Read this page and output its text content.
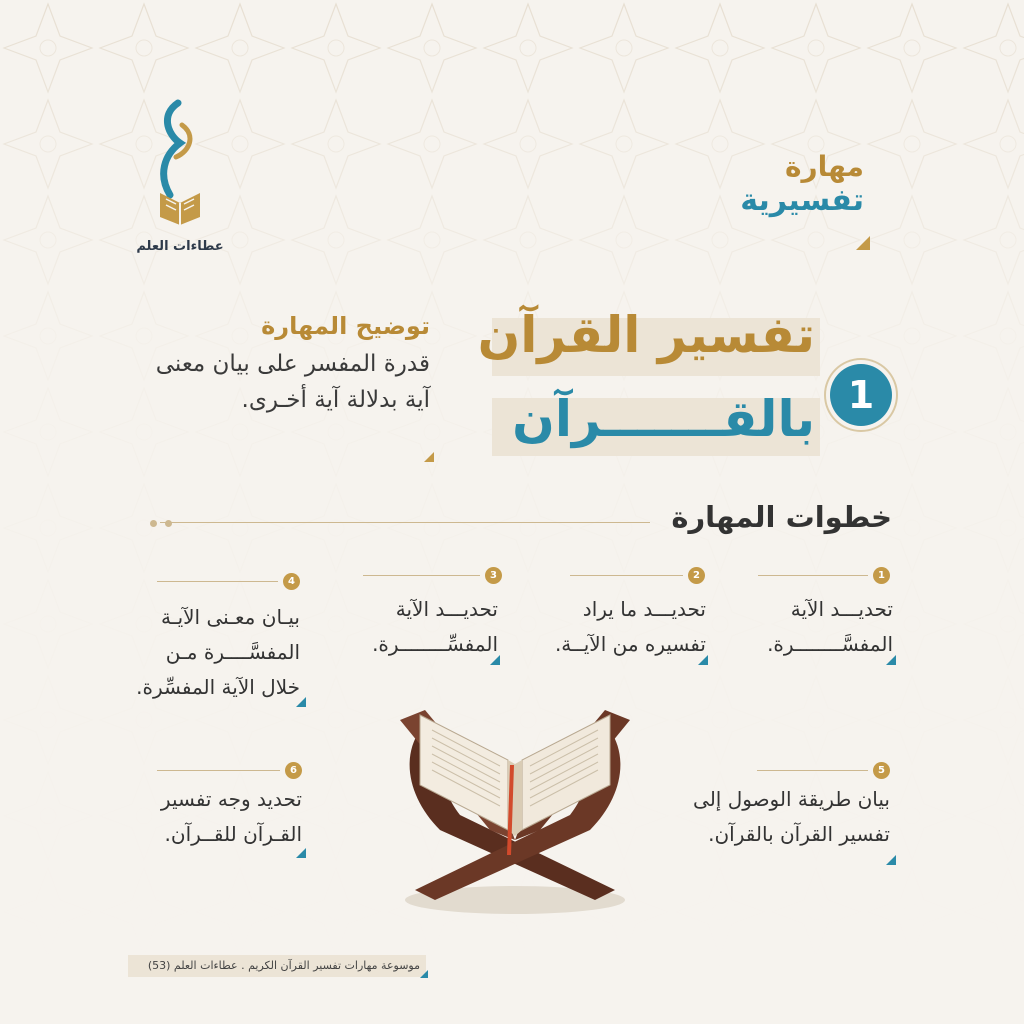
عطاءات العلم
مهارة
تفسيرية
تفسير القرآن
بالقـــــــرآن 1
توضيح المهارة
قدرة المفسر على بيان معنى
آية بدلالة آية أخـرى.
خطوات المهارة
1
تحديـــد الآية
المفسَّــــــــرة.
2
تحديـــد ما يراد
تفسيره من الآيــة.
3
تحديـــد الآية
المفسِّــــــــرة.
4
بيـان معـنى الآيـة
المفسَّــــرة مـن
خلال الآية المفسِّرة.
5
بيان طريقة الوصول إلى
تفسير القرآن بالقرآن.
6
تحديد وجه تفسير
القـرآن للقــرآن.
موسوعة مهارات تفسير القرآن الكريم . عطاءات العلم (53)
